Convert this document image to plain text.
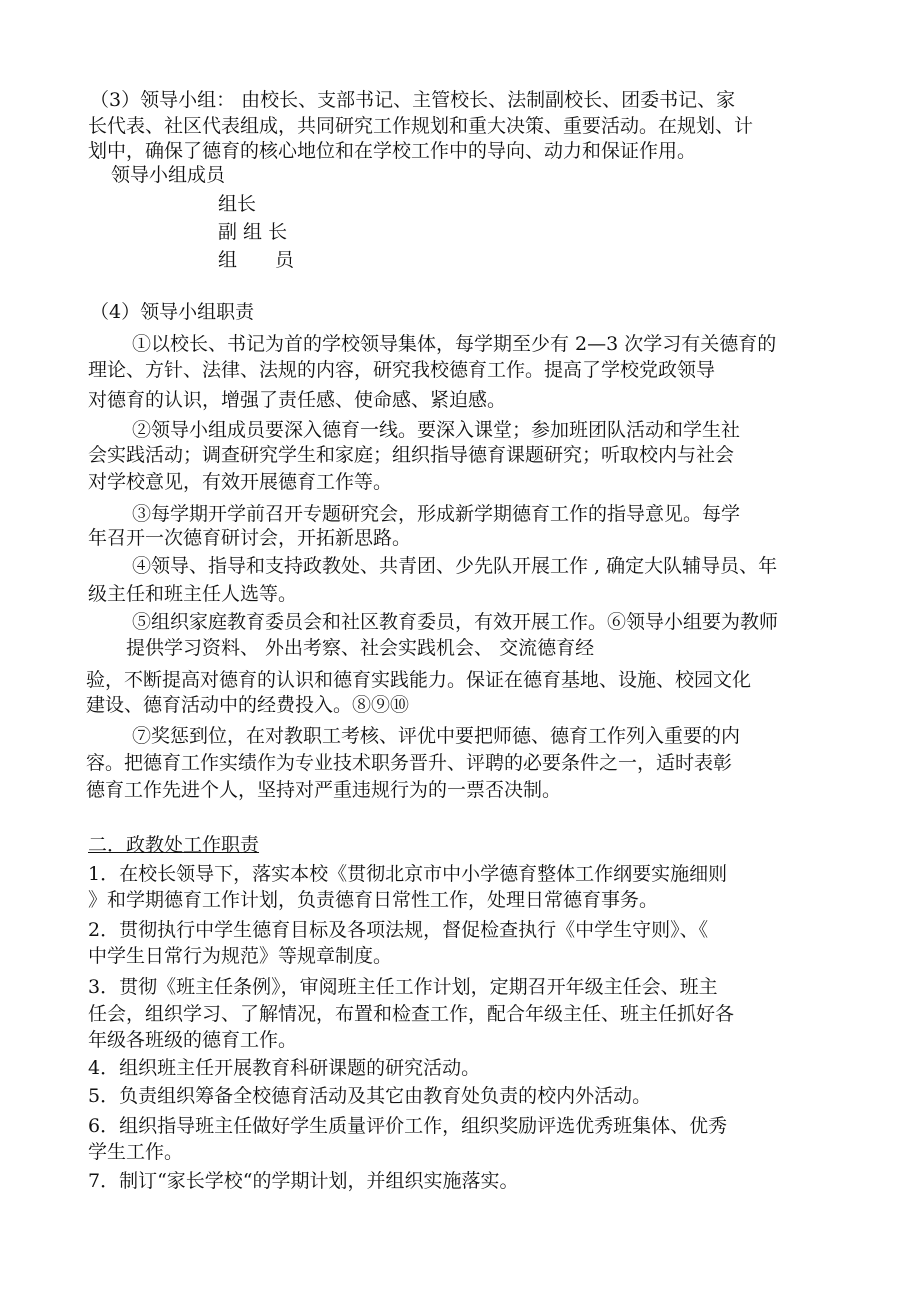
（3）领导小组： 由校长、支部书记、主管校长、法制副校长、团委书记、家
长代表、社区代表组成，共同研究工作规划和重大决策、重要活动。在规划、计
划中，确保了德育的核心地位和在学校工作中的导向、动力和保证作用。
领导小组成员
组长
副 组 长
组　　员
（4）领导小组职责
①以校长、书记为首的学校领导集体，每学期至少有 2—3 次学习有关德育的
理论、方针、法律、法规的内容，研究我校德育工作。提高了学校党政领导
对德育的认识，增强了责任感、使命感、紧迫感。
②领导小组成员要深入德育一线。要深入课堂；参加班团队活动和学生社
会实践活动；调查研究学生和家庭；组织指导德育课题研究；听取校内与社会
对学校意见，有效开展德育工作等。
③每学期开学前召开专题研究会，形成新学期德育工作的指导意见。每学
年召开一次德育研讨会，开拓新思路。
④领导、指导和支持政教处、共青团、少先队开展工作 , 确定大队辅导员、年
级主任和班主任人选等。
⑤组织家庭教育委员会和社区教育委员，有效开展工作。⑥领导小组要为教师
提供学习资料、 外出考察、社会实践机会、 交流德育经
验，不断提高对德育的认识和德育实践能力。保证在德育基地、设施、校园文化
建设、德育活动中的经费投入。⑧⑨⑩
⑦奖惩到位，在对教职工考核、评优中要把师德、德育工作列入重要的内
容。把德育工作实绩作为专业技术职务晋升、评聘的必要条件之一，适时表彰
德育工作先进个人，坚持对严重违规行为的一票否决制。
二．政教处工作职责
1．在校长领导下，落实本校《贯彻北京市中小学德育整体工作纲要实施细则
》和学期德育工作计划，负责德育日常性工作，处理日常德育事务。
2．贯彻执行中学生德育目标及各项法规，督促检查执行《中学生守则》、《
中学生日常行为规范》等规章制度。
3．贯彻《班主任条例》，审阅班主任工作计划，定期召开年级主任会、班主
任会，组织学习、了解情况，布置和检查工作，配合年级主任、班主任抓好各
年级各班级的德育工作。
4．组织班主任开展教育科研课题的研究活动。
5．负责组织筹备全校德育活动及其它由教育处负责的校内外活动。
6．组织指导班主任做好学生质量评价工作，组织奖励评选优秀班集体、优秀
学生工作。
7．制订“家长学校“的学期计划，并组织实施落实。
